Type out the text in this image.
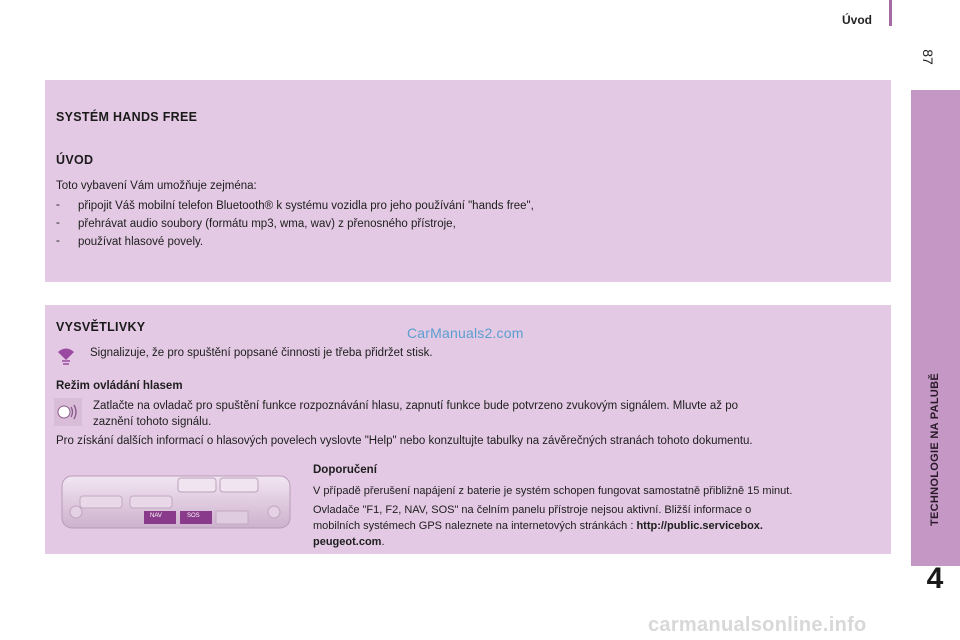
Úvod
87
TECHNOLOGIE NA PALUBĚ
4
SYSTÉM HANDS FREE
ÚVOD
Toto vybavení Vám umožňuje zejména:
- připojit Váš mobilní telefon Bluetooth® k systému vozidla pro jeho používání "hands free",
- přehrávat audio soubory (formátu mp3, wma, wav) z přenosného přístroje,
- používat hlasové povely.
VYSVĚTLIVKY	CarManuals2.com
Signalizuje, že pro spuštění popsané činnosti je třeba přidržet stisk.
Režim ovládání hlasem
Zatlačte na ovladač pro spuštění funkce rozpoznávání hlasu, zapnutí funkce bude potvrzeno zvukovým signálem. Mluvte až po
zaznění tohoto signálu.
Pro získání dalších informací o hlasových povelech vyslovte "Help" nebo konzultujte tabulky na závěrečných stranách tohoto dokumentu.
NAV	SOS
Doporučení
V případě přerušení napájení z baterie je systém schopen fungovat samostatně přibližně 15 minut.
Ovladače "F1, F2, NAV, SOS" na čelním panelu přístroje nejsou aktivní. Bližší informace o
mobilních systémech GPS naleznete na internetových stránkách : http://public.servicebox.
peugeot.com.
carmanualsonline.info
